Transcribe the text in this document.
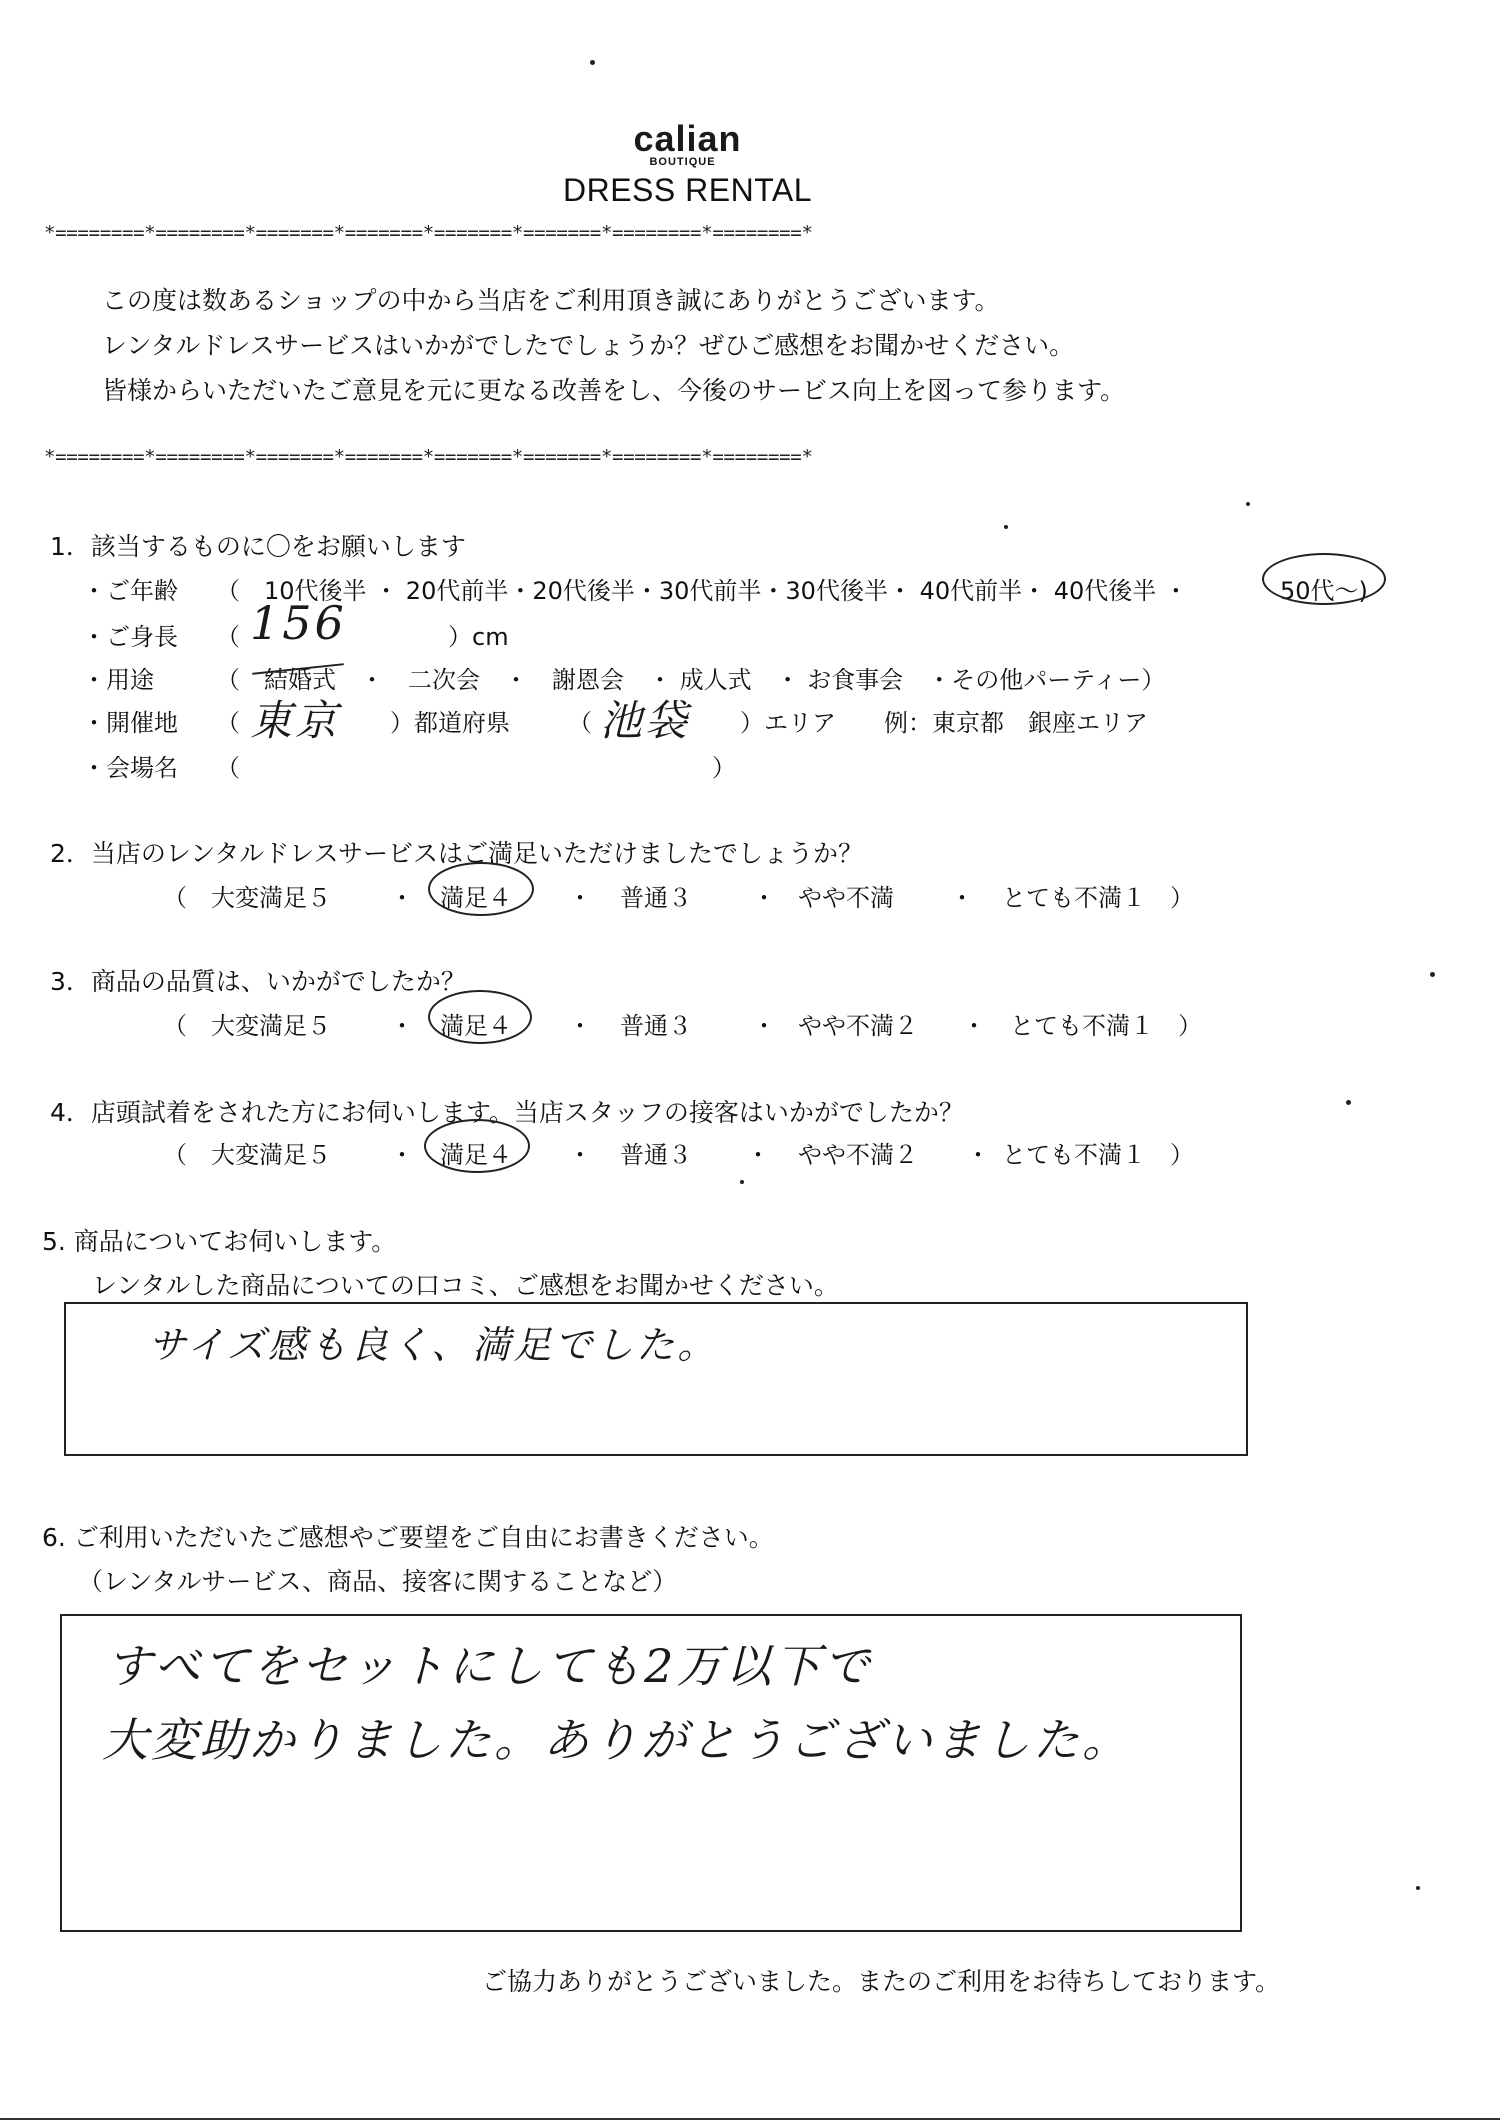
calian
BOUTIQUE
DRESS RENTAL
*========*========*=======*=======*=======*=======*========*========*
この度は数あるショップの中から当店をご利用頂き誠にありがとうございます。
レンタルドレスサービスはいかがでしたでしょうか？ぜひご感想をお聞かせください。
皆様からいただいたご意見を元に更なる改善をし、今後のサービス向上を図って参ります。
*========*========*=======*=======*=======*=======*========*========*
1．該当するものに〇をお願いします
・ご年齢 （　10代後半 ・ 20代前半・20代後半・30代前半・30代後半・ 40代前半・ 40代後半 ・	50代～)
・ご身長 （ 156	）cm
・用途	（　結婚式　・　二次会　・　謝恩会　・ 成人式　・ お食事会　・その他パーティー）
・開催地 （ 東京 ）都道府県 （ 池袋 ）エリア　　例：東京都　銀座エリア
・会場名 （	）
2．当店のレンタルドレスサービスはご満足いただけましたでしょうか？
（　大変満足５ ・ 満足４ ・ 普通３	・ やや不満 ・ とても不満１　）
3．商品の品質は、いかがでしたか？
（　大変満足５ ・ 満足４ ・ 普通３	・ やや不満２ ・ とても不満１　）
4．店頭試着をされた方にお伺いします。当店スタッフの接客はいかがでしたか？
（　大変満足５ ・ 満足４ ・ 普通３ ・ やや不満２ ・ とても不満１　）
5. 商品についてお伺いします。
レンタルした商品についての口コミ、ご感想をお聞かせください。
サイズ感も良く、満足でした。
6. ご利用いただいたご感想やご要望をご自由にお書きください。
（レンタルサービス、商品、接客に関することなど）
すべてをセットにしても2万以下で
大変助かりました。ありがとうございました。
ご協力ありがとうございました。またのご利用をお待ちしております。
